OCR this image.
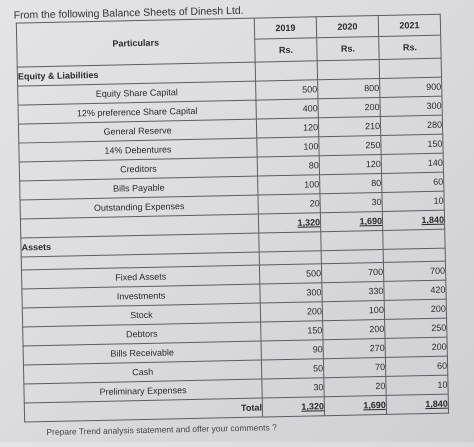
From the following Balance Sheets of Dinesh Ltd.
Particulars	2019	2020	2021
	Rs.	Rs.	Rs.
Equity & Liabilities			
Equity Share Capital	500	800	900
12% preference Share Capital	400	200	300
General Reserve	120	210	280
14% Debentures	100	250	150
Creditors	80	120	140
Bills Payable	100	80	60
Outstanding Expenses	20	30	10
	1,320	1,690	1,840
Assets			

Fixed Assets	500	700	700
Investments	300	330	420
Stock	200	100	200
Debtors	150	200	250
Bills Receivable	90	270	200
Cash	50	70	60
Preliminary Expenses	30	20	10
Total	1,320	1,690	1,840
Prepare Trend analysis statement and offer your comments ?
